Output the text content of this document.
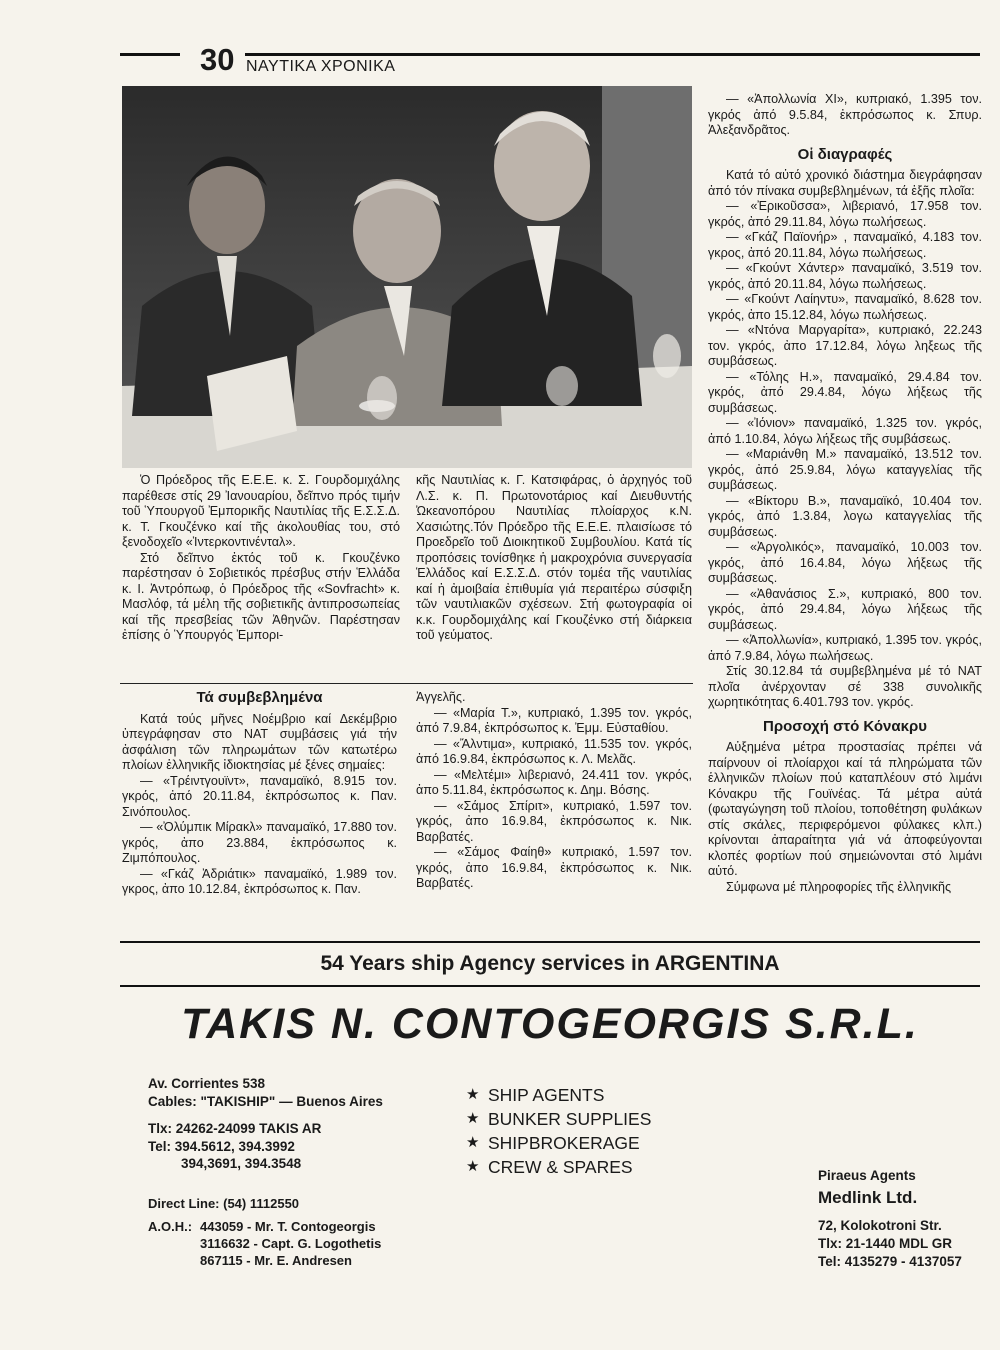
30 ΝΑΥΤΙΚΑ ΧΡΟΝΙΚΑ

Ὁ Πρόεδρος τῆς Ε.Ε.Ε. κ. Σ. Γουρδομιχάλης παρέθεσε στίς 29 Ἰανουαρίου, δεῖπνο πρός τιμήν τοῦ Ὑπουργοῦ Ἐμπορικῆς Ναυτιλίας τῆς Ε.Σ.Σ.Δ. κ. Τ. Γκουζένκο καί τῆς ἀκολουθίας του, στό ξενοδοχεῖο «Ἰντερκοντινένταλ».

Στό δεῖπνο ἐκτός τοῦ κ. Γκουζένκο παρέστησαν ὁ Σοβιετικός πρέσβυς στήν Ἑλλάδα κ. Ι. Ἀντρόπωφ, ὁ Πρόεδρος τῆς «Sovfracht» κ. Μασλόφ, τά μέλη τῆς σοβιετικῆς ἀντιπροσωπείας καί τῆς πρεσβείας τῶν Ἀθηνῶν. Παρέστησαν ἐπίσης ὁ Ὑπουργός Ἐμπορι-

κῆς Ναυτιλίας κ. Γ. Κατσιφάρας, ὁ ἀρχηγός τοῦ Λ.Σ. κ. Π. Πρωτονοτάριος καί Διευθυντής Ὠκεανοπόρου Ναυτιλίας πλοίαρχος κ.Ν. Χασιώτης.Τόν Πρόεδρο τῆς Ε.Ε.Ε. πλαισίωσε τό Προεδρεῖο τοῦ Διοικητικοῦ Συμβουλίου. Κατά τίς προπόσεις τονίσθηκε ἡ μακροχρόνια συνεργασία Ἑλλάδος καί Ε.Σ.Σ.Δ. στόν τομέα τῆς ναυτιλίας καί ἡ ἀμοιβαία ἐπιθυμία γιά περαιτέρω σύσφιξη τῶν ναυτιλιακῶν σχέσεων. Στή φωτογραφία οἱ κ.κ. Γουρδομιχάλης καί Γκουζένκο στή διάρκεια τοῦ γεύματος.

— «Ἀπολλωνία ΧΙ», κυπριακό, 1.395 τον. γκρός ἀπό 9.5.84, ἐκπρόσωπος κ. Σπυρ. Ἀλεξανδρᾶτος.

Οἱ διαγραφές

Κατά τό αὐτό χρονικό διάστημα διεγράφησαν ἀπό τόν πίνακα συμβεβλημένων, τά ἑξῆς πλοῖα:

— «Ἐρικοῦσσα», λιβεριανό, 17.958 τον. γκρός, ἀπό 29.11.84, λόγω πωλήσεως.

— «Γκάζ Παϊονήρ» , παναμαϊκό, 4.183 τον. γκρος, ἀπό 20.11.84, λόγω πωλήσεως.

— «Γκούντ Χάντερ» παναμαϊκό, 3.519 τον. γκρός, ἀπό 20.11.84, λόγω πωλήσεως.

— «Γκούντ Λαίηντυ», παναμαϊκό, 8.628 τον. γκρός, ἀπο 15.12.84, λόγω πωλήσεως.

— «Ντόνα Μαργαρίτα», κυπριακό, 22.243 τον. γκρός, ἀπο 17.12.84, λόγω ληξεως τῆς συμβάσεως.

— «Τόλης Η.», παναμαϊκό, 29.4.84 τον. γκρός, ἀπό 29.4.84, λόγω λήξεως τῆς συμβάσεως.

— «Ἰόνιον» παναμαϊκό, 1.325 τον. γκρός, ἀπό 1.10.84, λόγω λήξεως τῆς συμβάσεως.

— «Μαριάνθη Μ.» παναμαϊκό, 13.512 τον. γκρός, ἀπό 25.9.84, λόγω καταγγελίας τῆς συμβάσεως.

— «Βίκτορυ Β.», παναμαϊκό, 10.404 τον. γκρός, ἀπό 1.3.84, λογω καταγγελίας τῆς συμβάσεως.

— «Ἀργολικός», παναμαϊκό, 10.003 τον. γκρός, ἀπό 16.4.84, λόγω λήξεως τῆς συμβάσεως.

— «Ἀθανάσιος Σ.», κυπριακό, 800 τον. γκρός, ἀπό 29.4.84, λόγω λήξεως τῆς συμβάσεως.

— «Ἀπολλωνία», κυπριακό, 1.395 τον. γκρός, ἀπό 7.9.84, λόγω πωλήσεως.

Στίς 30.12.84 τά συμβεβλημένα μέ τό ΝΑΤ πλοῖα ἀνέρχονταν σέ 338 συνολικῆς χωρητικότητας 6.401.793 τον. γκρός.

Προσοχή στό Κόνακρυ

Αὐξημένα μέτρα προστασίας πρέπει νά παίρνουν οἱ πλοίαρχοι καί τά πληρώματα τῶν ἑλληνικῶν πλοίων πού καταπλέουν στό λιμάνι Κόνακρυ τῆς Γουϊνέας. Τά μέτρα αὐτά (φωταγώγηση τοῦ πλοίου, τοποθέτηση φυλάκων στίς σκάλες, περιφερόμενοι φύλακες κλπ.) κρίνονται ἀπαραίτητα γιά νά ἀποφεύγονται κλοπές φορτίων πού σημειώνονται στό λιμάνι αὐτό.

Σύμφωνα μέ πληροφορίες τῆς ἑλληνικῆς

Τά συμβεβλημένα

Κατά τούς μῆνες Νοέμβριο καί Δεκέμβριο ὑπεγράφησαν στο ΝΑΤ συμβάσεις γιά τήν ἀσφάλιση τῶν πληρωμάτων τῶν κατωτέρω πλοίων ἑλληνικῆς ἰδιοκτησίας μέ ξένες σημαίες:

— «Τρέιντγουϊντ», παναμαϊκό, 8.915 τον. γκρός, ἀπό 20.11.84, ἐκπρόσωπος κ. Παν. Σινόπουλος.

— «Ὀλύμπικ Μίρακλ» παναμαϊκό, 17.880 τον. γκρός, ἀπο 23.884, ἐκπρόσωπος κ. Ζιμπόπουλος.

— «Γκάζ Ἀδριάτικ» παναμαϊκό, 1.989 τον. γκρος, ἀπο 10.12.84, ἐκπρόσωπος κ. Παν.

Ἀγγελῆς.

— «Μαρία Τ.», κυπριακό, 1.395 τον. γκρός, ἀπό 7.9.84, ἐκπρόσωπος κ. Ἐμμ. Εὐσταθίου.

— «Ἄλντιμα», κυπριακό, 11.535 τον. γκρός, ἀπό 16.9.84, ἐκπρόσωπος κ. Λ. Μελᾶς.

— «Μελτέμι» λιβεριανό, 24.411 τον. γκρός, ἀπο 5.11.84, ἐκπρόσωπος κ. Δημ. Βόσης.

— «Σάμος Σπίριτ», κυπριακό, 1.597 τον. γκρός, ἀπο 16.9.84, ἐκπρόσωπος κ. Νικ. Βαρβατές.

— «Σάμος Φαίηθ» κυπριακό, 1.597 τον. γκρός, ἀπο 16.9.84, ἐκπρόσωπος κ. Νικ. Βαρβατές.

54 Years ship Agency services in ARGENTINA
TAKIS N. CONTOGEORGIS S.R.L.
Av. Corrientes 538
Cables: "TAKISHIP" — Buenos Aires
Tlx: 24262-24099 TAKIS AR
Tel: 394.5612, 394.3992
394,3691, 394.3548
Direct Line: (54) 1112550
A.O.H.: 443059 - Mr. T. Contogeorgis
3116632 - Capt. G. Logothetis
867115 - Mr. E. Andresen
★ SHIP AGENTS
★ BUNKER SUPPLIES
★ SHIPBROKERAGE
★ CREW & SPARES	Piraeus Agents
Medlink Ltd.
72, Kolokotroni Str.
Tlx: 21-1440 MDL GR
Tel: 4135279 - 4137057
